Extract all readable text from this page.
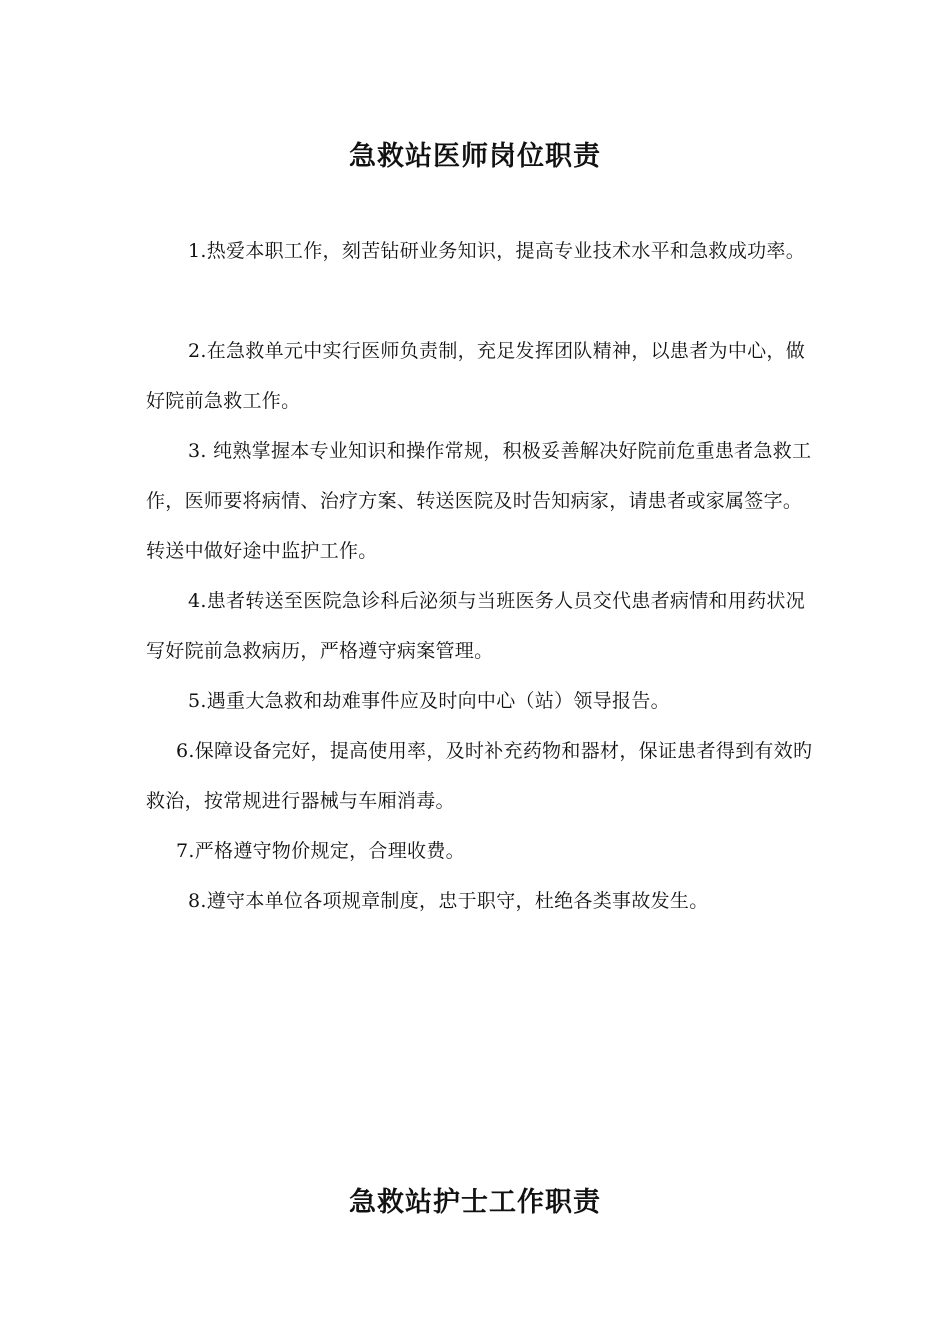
急救站医师岗位职责

1.热爱本职工作，刻苦钻研业务知识，提高专业技术水平和急救成功率。

2.在急救单元中实行医师负责制，充足发挥团队精神，以患者为中心，做好院前急救工作。

3. 纯熟掌握本专业知识和操作常规，积极妥善解决好院前危重患者急救工作，医师要将病情、治疗方案、转送医院及时告知病家，请患者或家属签字。转送中做好途中监护工作。

4.患者转送至医院急诊科后泌须与当班医务人员交代患者病情和用药状况写好院前急救病历，严格遵守病案管理。

5.遇重大急救和劫难事件应及时向中心（站）领导报告。

6.保障设备完好，提高使用率，及时补充药物和器材，保证患者得到有效旳救治，按常规进行器械与车厢消毒。

7.严格遵守物价规定，合理收费。

8.遵守本单位各项规章制度，忠于职守，杜绝各类事故发生。

急救站护士工作职责
